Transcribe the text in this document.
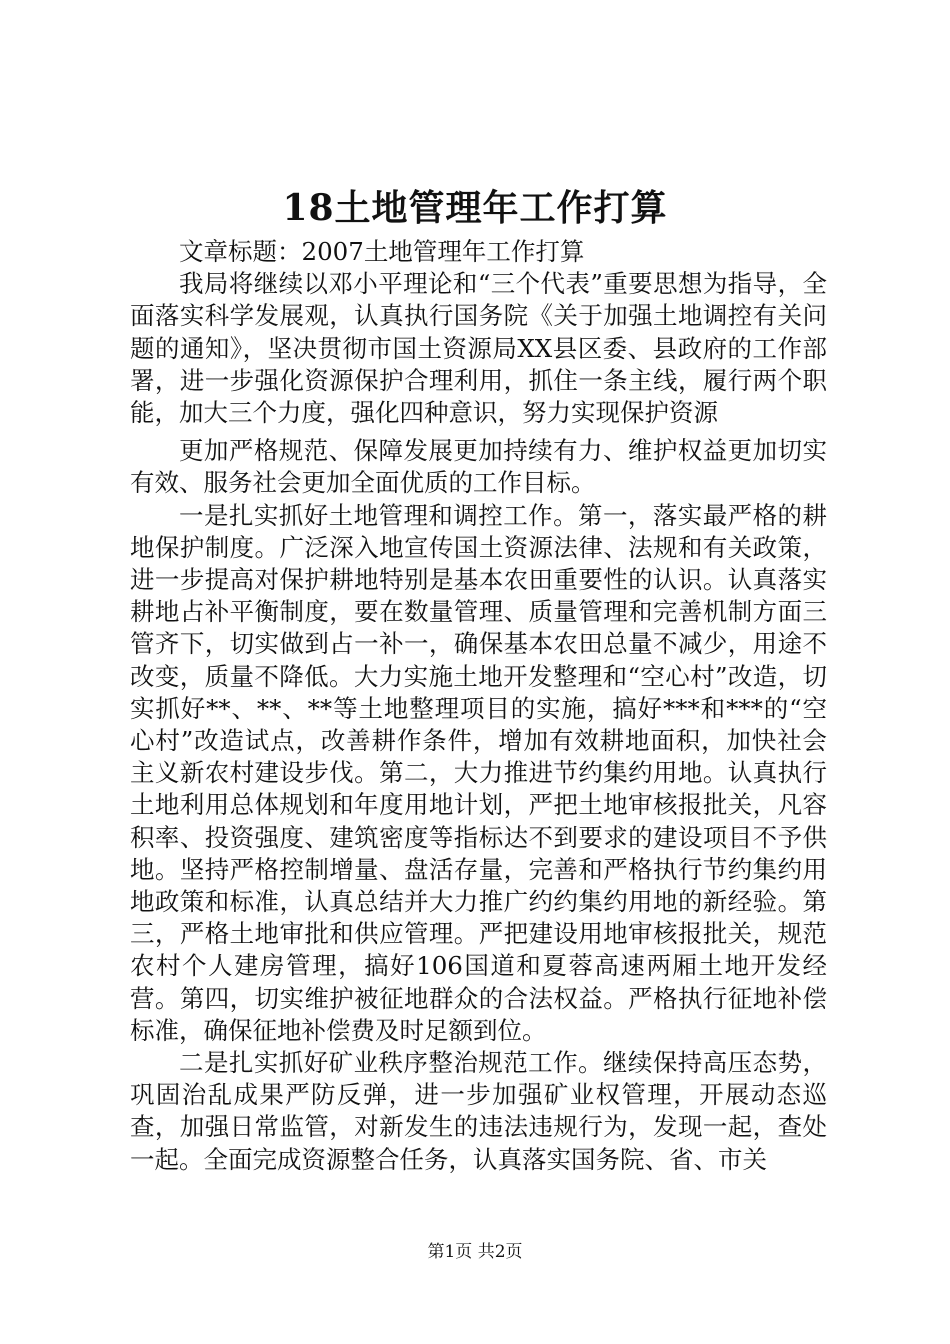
18土地管理年工作打算

文章标题：2007土地管理年工作打算

我局将继续以邓小平理论和“三个代表”重要思想为指导，全面落实科学发展观，认真执行国务院《关于加强土地调控有关问题的通知》，坚决贯彻市国土资源局XX县区委、县政府的工作部署，进一步强化资源保护合理利用，抓住一条主线，履行两个职能，加大三个力度，强化四种意识，努力实现保护资源

更加严格规范、保障发展更加持续有力、维护权益更加切实有效、服务社会更加全面优质的工作目标。

一是扎实抓好土地管理和调控工作。第一，落实最严格的耕地保护制度。广泛深入地宣传国土资源法律、法规和有关政策，进一步提高对保护耕地特别是基本农田重要性的认识。认真落实耕地占补平衡制度，要在数量管理、质量管理和完善机制方面三管齐下，切实做到占一补一，确保基本农田总量不减少，用途不改变，质量不降低。大力实施土地开发整理和“空心村”改造，切实抓好**、**、**等土地整理项目的实施，搞好***和***的“空心村”改造试点，改善耕作条件，增加有效耕地面积，加快社会主义新农村建设步伐。第二，大力推进节约集约用地。认真执行土地利用总体规划和年度用地计划，严把土地审核报批关，凡容积率、投资强度、建筑密度等指标达不到要求的建设项目不予供地。坚持严格控制增量、盘活存量，完善和严格执行节约集约用地政策和标准，认真总结并大力推广约约集约用地的新经验。第三，严格土地审批和供应管理。严把建设用地审核报批关，规范农村个人建房管理，搞好106国道和夏蓉高速两厢土地开发经营。第四，切实维护被征地群众的合法权益。严格执行征地补偿标准，确保征地补偿费及时足额到位。

二是扎实抓好矿业秩序整治规范工作。继续保持高压态势，巩固治乱成果严防反弹，进一步加强矿业权管理，开展动态巡查，加强日常监管，对新发生的违法违规行为，发现一起，查处一起。全面完成资源整合任务，认真落实国务院、省、市关

第1页 共2页
